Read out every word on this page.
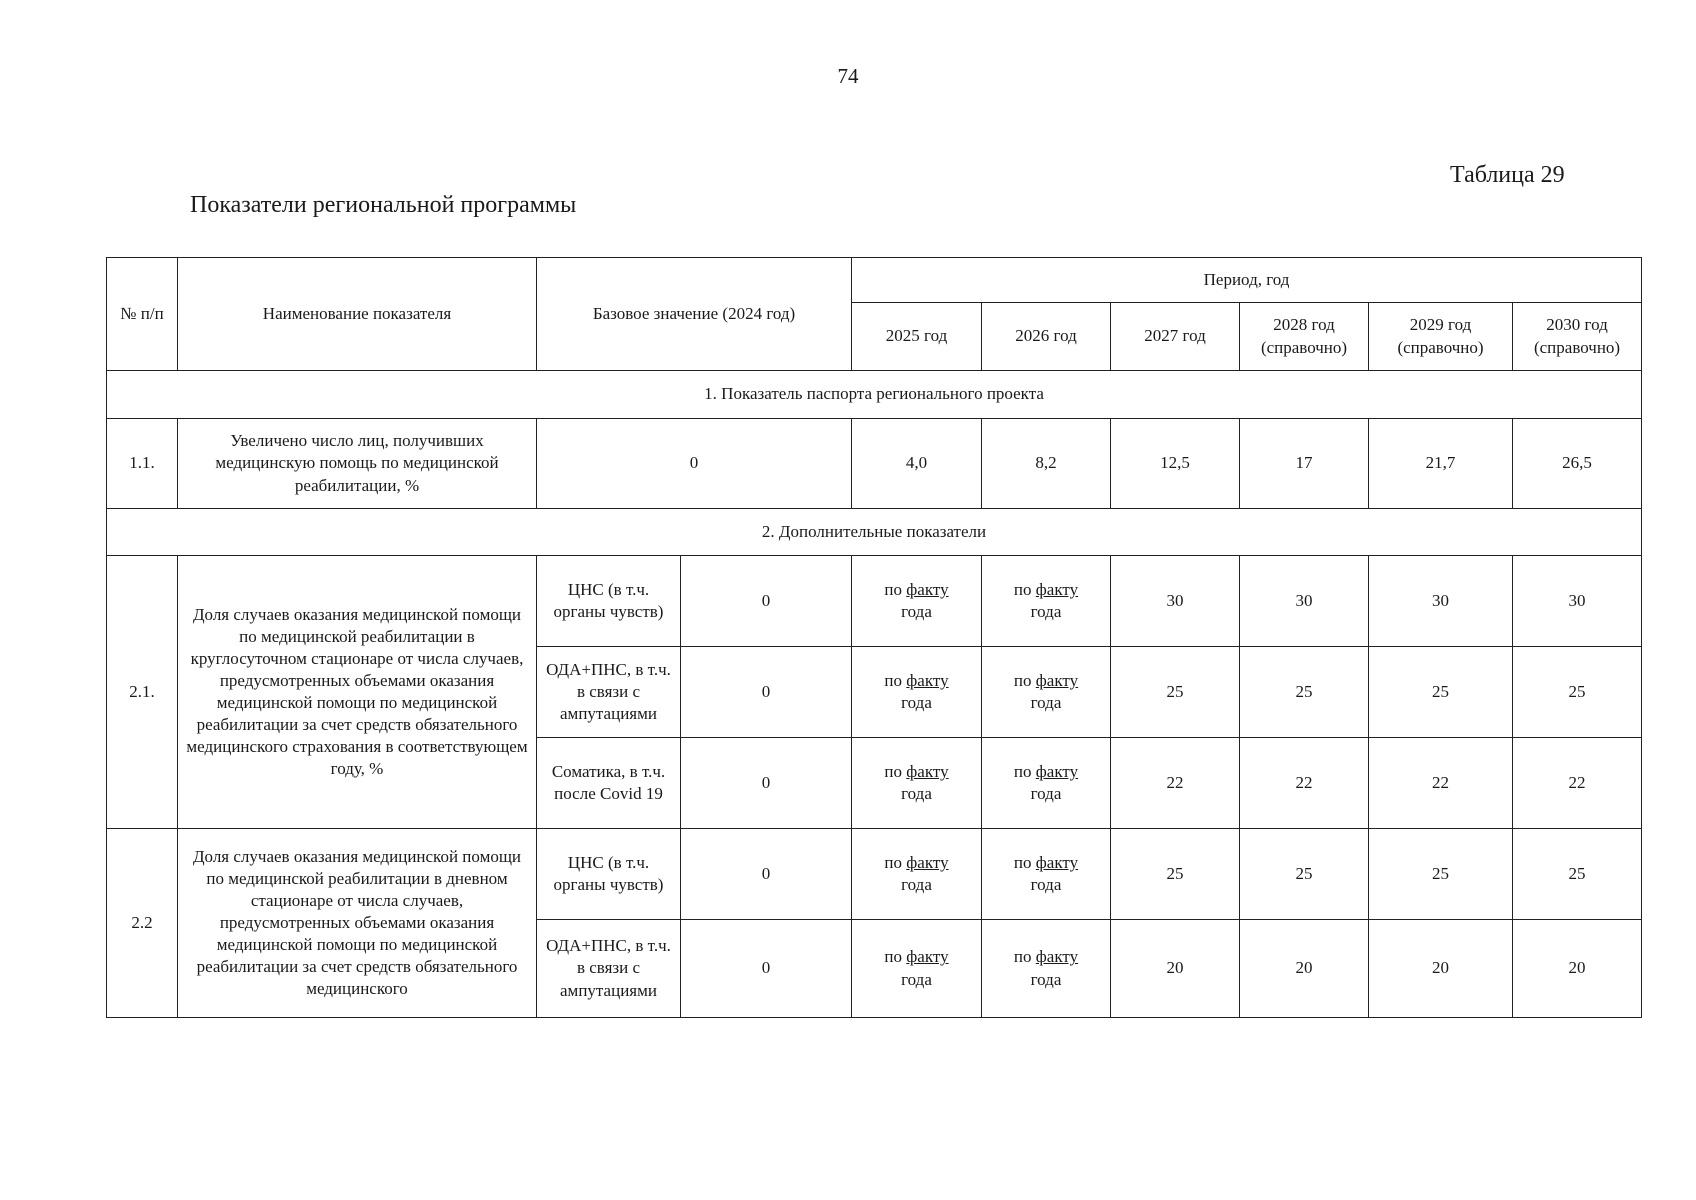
74
Таблица 29
Показатели региональной программы
№ п/п	Наименование показателя	Базовое значение (2024 год)		Период, год					
				2025 год	2026 год	2027 год	2028 год (справочно)	2029 год (справочно)	2030 год (справочно)
1. Показатель паспорта регионального проекта									
1.1.	Увеличено число лиц, получивших медицинскую помощь по медицинской реабилитации, %	0		4,0	8,2	12,5	17	21,7	26,5
2. Дополнительные показатели									
2.1.	Доля случаев оказания медицинской помощи по медицинской реабилитации в круглосуточном стационаре от числа случаев, предусмотренных объемами оказания медицинской помощи по медицинской реабилитации за счет средств обязательного медицинского страхования в соответствующем году, %	ЦНС (в т.ч. органы чувств)	0	по факту
года	по факту
года	30	30	30	30
		ОДА+ПНС, в т.ч. в связи с ампутациями	0	по факту
года	по факту
года	25	25	25	25
		Соматика, в т.ч. после Covid 19	0	по факту
года	по факту
года	22	22	22	22
2.2	Доля случаев оказания медицинской помощи по медицинской реабилитации в дневном стационаре от числа случаев, предусмотренных объемами оказания медицинской помощи по медицинской реабилитации за счет средств обязательного медицинского	ЦНС (в т.ч. органы чувств)	0	по факту
года	по факту
года	25	25	25	25
		ОДА+ПНС, в т.ч. в связи с ампутациями	0	по факту
года	по факту
года	20	20	20	20
